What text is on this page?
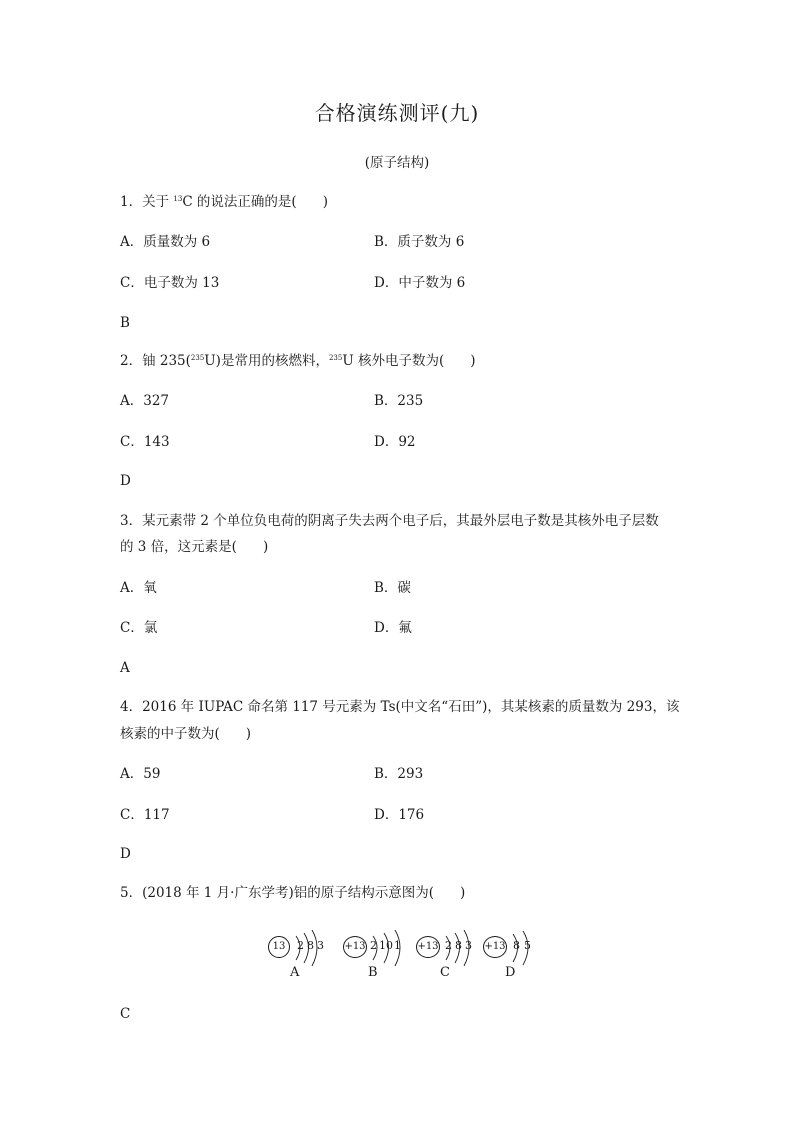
合格演练测评(九)
(原子结构)
1．关于 $^{13}$C 的说法正确的是( )
A．质量数为 6	B．质子数为 6
C．电子数为 13	D．中子数为 6
B
2．铀 235($^{235}$U)是常用的核燃料，$^{235}$U 核外电子数为( )
A．327	B．235
C．143	D．92
D
3．某元素带 2 个单位负电荷的阴离子失去两个电子后，其最外层电子数是其核外电子层数
的 3 倍，这元素是( )
A．氧	B．碳
C．氯	D．氟
A
4．2016 年 IUPAC 命名第 117 号元素为 Ts(中文名“石田”)，其某核素的质量数为 293，该
核素的中子数为( )
A．59	B．293
C．117	D．176
D
5．(2018 年 1 月·广东学考)铝的原子结构示意图为( )
13	2 8 3
A
+13 2 10 1
B
+13 2 8 3
C
+13 8 5
D
C
